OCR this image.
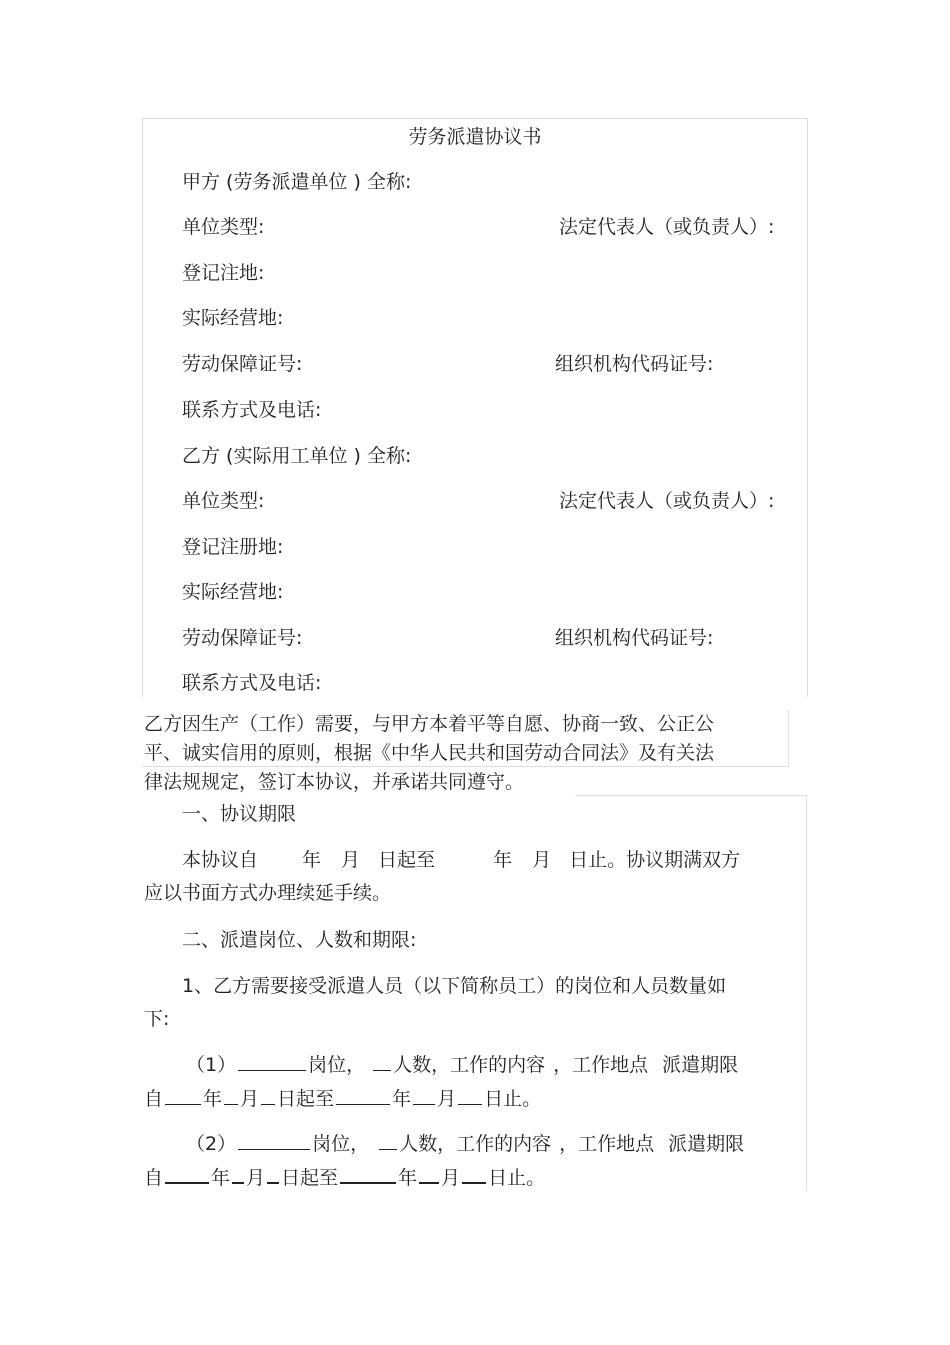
劳务派遣协议书
甲方 (劳务派遣单位 ) 全称:
单位类型:	法定代表人（或负责人）:
登记注地:
实际经营地:
劳动保障证号:	组织机构代码证号:
联系方式及电话:
乙方 (实际用工单位 ) 全称:
单位类型:	法定代表人（或负责人）:
登记注册地:
实际经营地:
劳动保障证号:	组织机构代码证号:
联系方式及电话:
乙方因生产（工作）需要，与甲方本着平等自愿、协商一致、公正公
平、诚实信用的原则，根据《中华人民共和国劳动合同法》及有关法
律法规规定，签订本协议，并承诺共同遵守。
一、协议期限
本协议自 年 月 日起至	年 月 日止。协议期满双方
应以书面方式办理续延手续。
二、派遣岗位、人数和期限:
1、乙方需要接受派遣人员（以下简称员工）的岗位和人员数量如
下:
（1）	岗位， 人数，工作的内容 ，工作地点 派遣期限
自 年 月 日起至	年 月 日止。
（2）	岗位， 人数，工作的内容 ，工作地点 派遣期限
自	年 月 日起至	年 月 日止。
